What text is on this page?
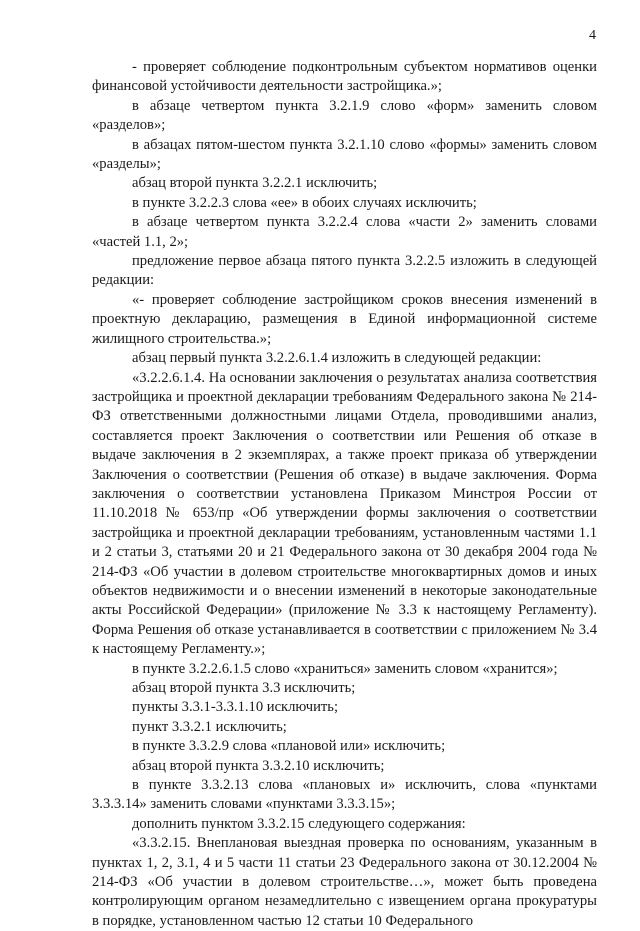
4

- проверяет соблюдение подконтрольным субъектом нормативов оценки финансовой устойчивости деятельности застройщика.»;

в абзаце четвертом пункта 3.2.1.9 слово «форм» заменить словом «разделов»;

в абзацах пятом-шестом пункта 3.2.1.10 слово «формы» заменить словом «разделы»;

абзац второй пункта 3.2.2.1 исключить;

в пункте 3.2.2.3 слова «ее» в обоих случаях исключить;

в абзаце четвертом пункта 3.2.2.4 слова «части 2» заменить словами «частей 1.1, 2»;

предложение первое абзаца пятого пункта 3.2.2.5 изложить в следующей редакции:

«- проверяет соблюдение застройщиком сроков внесения изменений в проектную декларацию, размещения в Единой информационной системе жилищного строительства.»;

абзац первый пункта 3.2.2.6.1.4 изложить в следующей редакции:

«3.2.2.6.1.4. На основании заключения о результатах анализа соответствия застройщика и проектной декларации требованиям Федерального закона № 214-ФЗ ответственными должностными лицами Отдела, проводившими анализ, составляется проект Заключения о соответствии или Решения об отказе в выдаче заключения в 2 экземплярах, а также проект приказа об утверждении Заключения о соответствии (Решения об отказе) в выдаче заключения. Форма заключения о соответствии установлена Приказом Минстроя России от 11.10.2018 № 653/пр «Об утверждении формы заключения о соответствии застройщика и проектной декларации требованиям, установленным частями 1.1 и 2 статьи 3, статьями 20 и 21 Федерального закона от 30 декабря 2004 года № 214-ФЗ «Об участии в долевом строительстве многоквартирных домов и иных объектов недвижимости и о внесении изменений в некоторые законодательные акты Российской Федерации» (приложение № 3.3 к настоящему Регламенту). Форма Решения об отказе устанавливается в соответствии с приложением № 3.4 к настоящему Регламенту.»;

в пункте 3.2.2.6.1.5 слово «храниться» заменить словом «хранится»;

абзац второй пункта 3.3 исключить;

пункты 3.3.1-3.3.1.10 исключить;

пункт 3.3.2.1 исключить;

в пункте 3.3.2.9 слова «плановой или» исключить;

абзац второй пункта 3.3.2.10 исключить;

в пункте 3.3.2.13 слова «плановых и» исключить, слова «пунктами 3.3.3.14» заменить словами «пунктами 3.3.3.15»;

дополнить пунктом 3.3.2.15 следующего содержания:

«3.3.2.15. Внеплановая выездная проверка по основаниям, указанным в пунктах 1, 2, 3.1, 4 и 5 части 11 статьи 23 Федерального закона от 30.12.2004 № 214-ФЗ «Об участии в долевом строительстве…», может быть проведена контролирующим органом незамедлительно с извещением органа прокуратуры в порядке, установленном частью 12 статьи 10 Федерального
